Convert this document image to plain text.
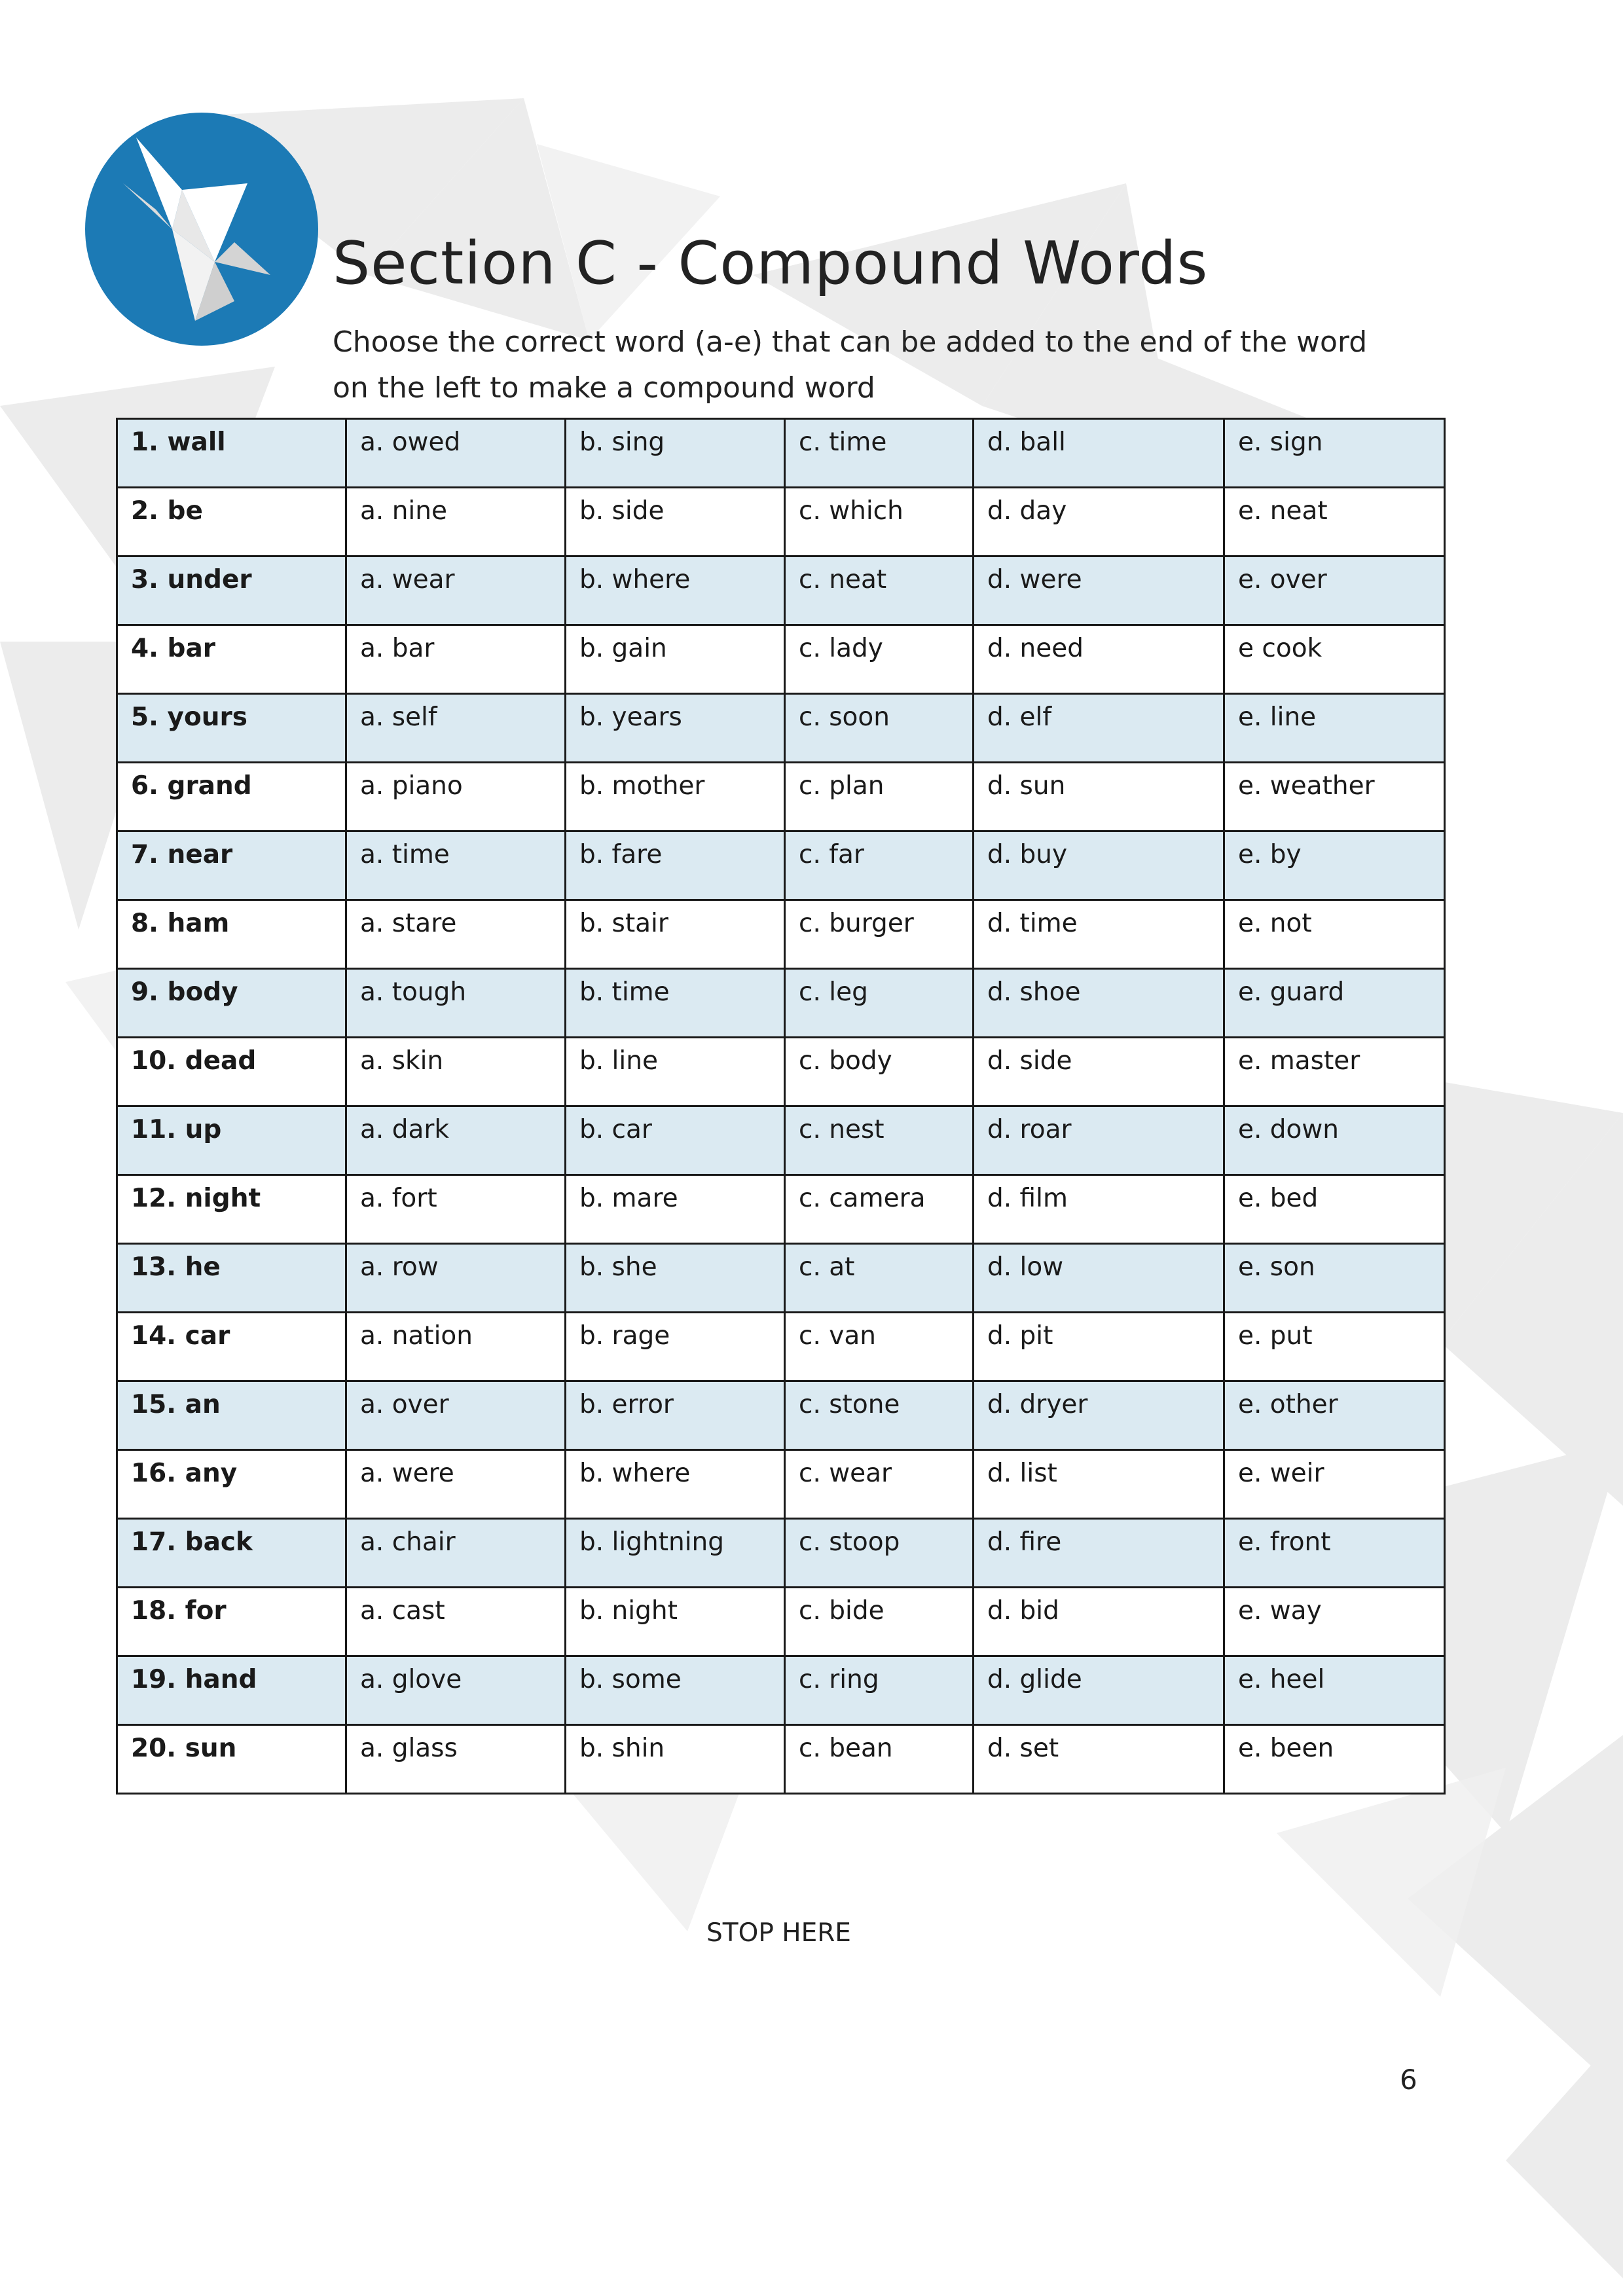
Section C - Compound Words
Choose the correct word (a-e) that can be added to the end of the word
on the left to make a compound word
1. wall	a. owed	b. sing	c. time	d. ball	e. sign
2. be	a. nine	b. side	c. which	d. day	e. neat
3. under	a. wear	b. where	c. neat	d. were	e. over
4. bar	a. bar	b. gain	c. lady	d. need	e cook
5. yours	a. self	b. years	c. soon	d. elf	e. line
6. grand	a. piano	b. mother	c. plan	d. sun	e. weather
7. near	a. time	b. fare	c. far	d. buy	e. by
8. ham	a. stare	b. stair	c. burger	d. time	e. not
9. body	a. tough	b. time	c. leg	d. shoe	e. guard
10. dead	a. skin	b. line	c. body	d. side	e. master
11. up	a. dark	b. car	c. nest	d. roar	e. down
12. night	a. fort	b. mare	c. camera	d. film	e. bed
13. he	a. row	b. she	c. at	d. low	e. son
14. car	a. nation	b. rage	c. van	d. pit	e. put
15. an	a. over	b. error	c. stone	d. dryer	e. other
16. any	a. were	b. where	c. wear	d. list	e. weir
17. back	a. chair	b. lightning	c. stoop	d. fire	e. front
18. for	a. cast	b. night	c. bide	d. bid	e. way
19. hand	a. glove	b. some	c. ring	d. glide	e. heel
20. sun	a. glass	b. shin	c. bean	d. set	e. been
STOP HERE
6
